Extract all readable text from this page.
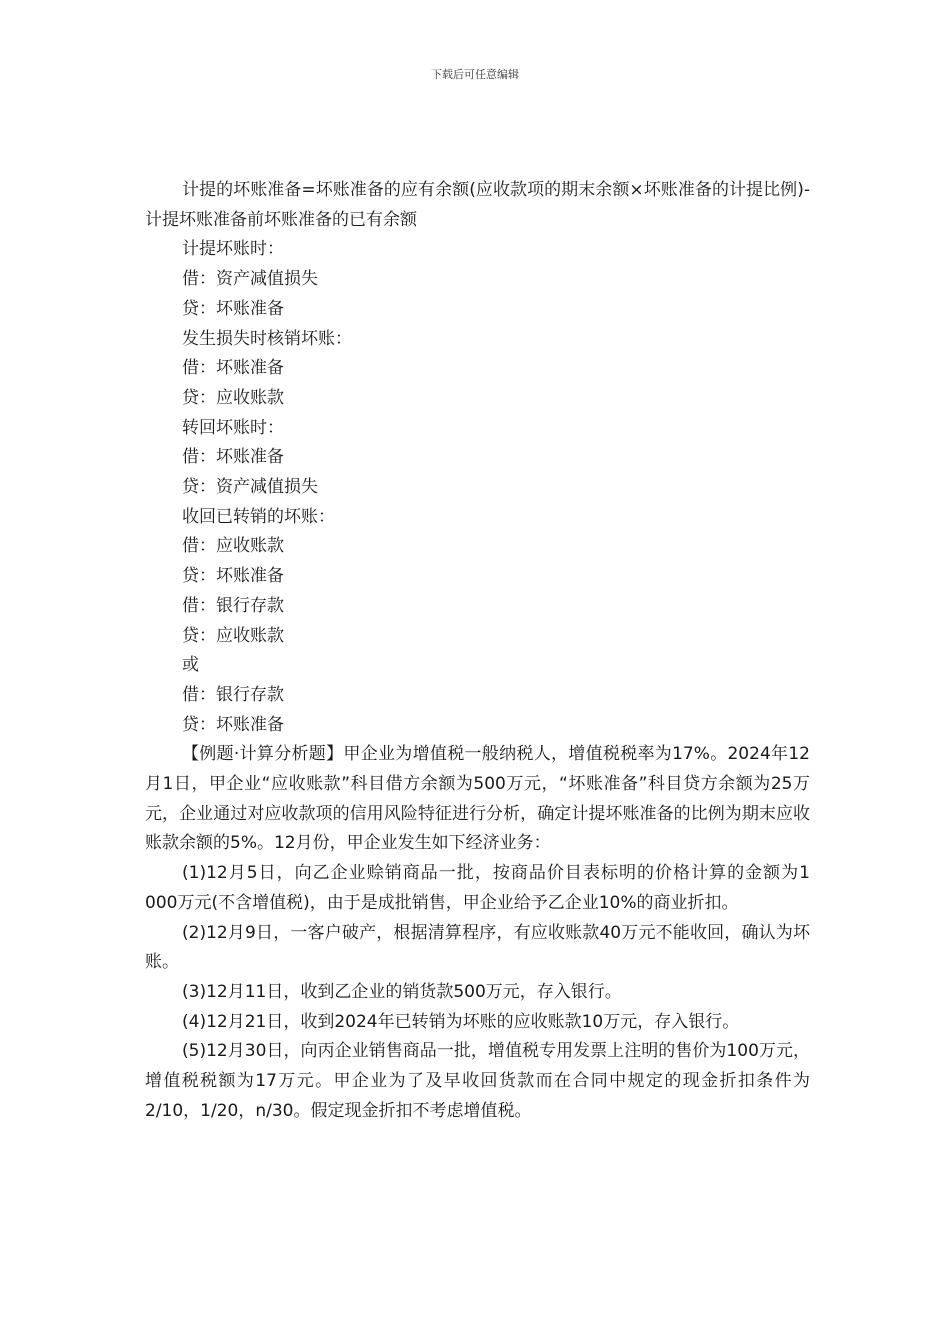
下载后可任意编辑

计提的坏账准备=坏账准备的应有余额(应收款项的期末余额×坏账准备的计提比例)-计提坏账准备前坏账准备的已有余额

计提坏账时：

借：资产减值损失

贷：坏账准备

发生损失时核销坏账：

借：坏账准备

贷：应收账款

转回坏账时：

借：坏账准备

贷：资产减值损失

收回已转销的坏账：

借：应收账款

贷：坏账准备

借：银行存款

贷：应收账款

或

借：银行存款

贷：坏账准备

【例题·计算分析题】甲企业为增值税一般纳税人，增值税税率为17%。2024年12月1日，甲企业“应收账款”科目借方余额为500万元，“坏账准备”科目贷方余额为25万元，企业通过对应收款项的信用风险特征进行分析，确定计提坏账准备的比例为期末应收账款余额的5%。12月份，甲企业发生如下经济业务：

(1)12月5日，向乙企业赊销商品一批，按商品价目表标明的价格计算的金额为1 000万元(不含增值税)，由于是成批销售，甲企业给予乙企业10%的商业折扣。

(2)12月9日，一客户破产，根据清算程序，有应收账款40万元不能收回，确认为坏账。

(3)12月11日，收到乙企业的销货款500万元，存入银行。

(4)12月21日，收到2024年已转销为坏账的应收账款10万元，存入银行。

(5)12月30日，向丙企业销售商品一批，增值税专用发票上注明的售价为100万元，增值税税额为17万元。甲企业为了及早收回货款而在合同中规定的现金折扣条件为2/10，1/20，n/30。假定现金折扣不考虑增值税。
